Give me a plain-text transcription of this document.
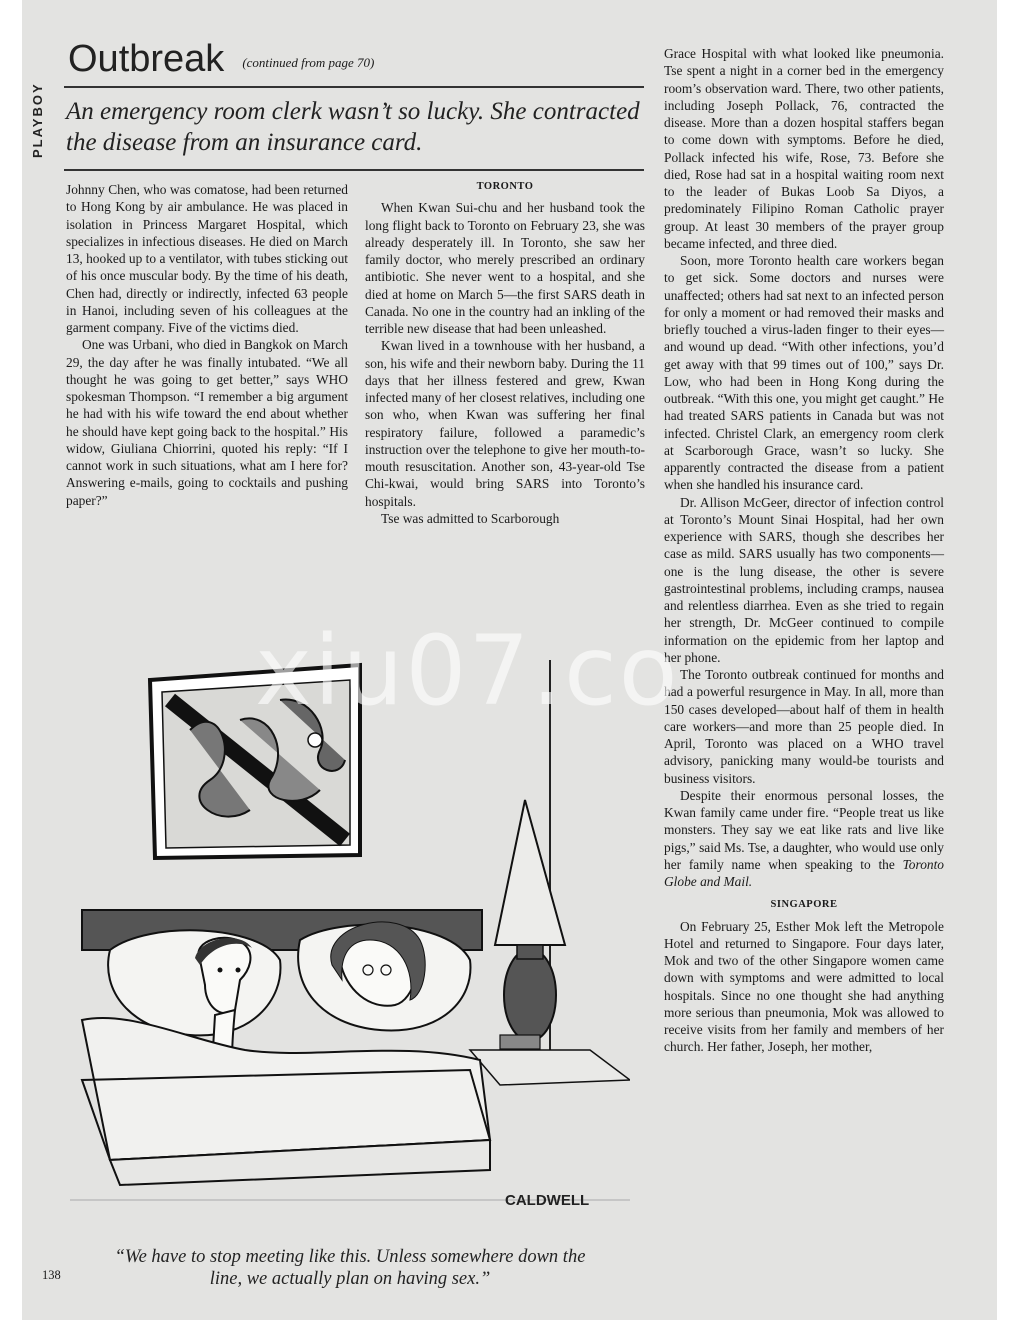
PLAYBOY
Outbreak (continued from page 70)
An emergency room clerk wasn’t so lucky. She contracted the disease from an insurance card.

Johnny Chen, who was comatose, had been returned to Hong Kong by air ambulance. He was placed in isolation in Princess Margaret Hospital, which specializes in infectious diseases. He died on March 13, hooked up to a ventilator, with tubes sticking out of his once muscular body. By the time of his death, Chen had, directly or indirectly, infected 63 people in Hanoi, including seven of his colleagues at the garment company. Five of the victims died.

One was Urbani, who died in Bangkok on March 29, the day after he was finally intubated. “We all thought he was going to get better,” says WHO spokesman Thompson. “I remember a big argument he had with his wife toward the end about whether he should have kept going back to the hospital.” His widow, Giuliana Chiorrini, quoted his reply: “If I cannot work in such situations, what am I here for? Answering e-mails, going to cocktails and pushing paper?”

TORONTO

When Kwan Sui-chu and her husband took the long flight back to Toronto on February 23, she was already desperately ill. In Toronto, she saw her family doctor, who merely prescribed an ordinary antibiotic. She never went to a hospital, and she died at home on March 5—the first SARS death in Canada. No one in the country had an inkling of the terrible new disease that had been unleashed.

Kwan lived in a townhouse with her husband, a son, his wife and their newborn baby. During the 11 days that her illness festered and grew, Kwan infected many of her closest relatives, including one son who, when Kwan was suffering her final respiratory failure, followed a paramedic’s instruction over the telephone to give her mouth-to-mouth resuscitation. Another son, 43-year-old Tse Chi-kwai, would bring SARS into Toronto’s hospitals.

Tse was admitted to Scarborough

Grace Hospital with what looked like pneumonia. Tse spent a night in a corner bed in the emergency room’s observation ward. There, two other patients, including Joseph Pollack, 76, contracted the disease. More than a dozen hospital staffers began to come down with symptoms. Before he died, Pollack infected his wife, Rose, 73. Before she died, Rose had sat in a hospital waiting room next to the leader of Bukas Loob Sa Diyos, a predominately Filipino Roman Catholic prayer group. At least 30 members of the prayer group became infected, and three died.

Soon, more Toronto health care workers began to get sick. Some doctors and nurses were unaffected; others had sat next to an infected person for only a moment or had removed their masks and briefly touched a virus-laden finger to their eyes—and wound up dead. “With other infections, you’d get away with that 99 times out of 100,” says Dr. Low, who had been in Hong Kong during the outbreak. “With this one, you might get caught.” He had treated SARS patients in Canada but was not infected. Christel Clark, an emergency room clerk at Scarborough Grace, wasn’t so lucky. She apparently contracted the disease from a patient when she handled his insurance card.

Dr. Allison McGeer, director of infection control at Toronto’s Mount Sinai Hospital, had her own experience with SARS, though she describes her case as mild. SARS usually has two components—one is the lung disease, the other is severe gastrointestinal problems, including cramps, nausea and relentless diarrhea. Even as she tried to regain her strength, Dr. McGeer continued to compile information on the epidemic from her laptop and her phone.

The Toronto outbreak continued for months and had a powerful resurgence in May. In all, more than 150 cases developed—about half of them in health care workers—and more than 25 people died. In April, Toronto was placed on a WHO travel advisory, panicking many would-be tourists and business visitors.

Despite their enormous personal losses, the Kwan family came under fire. “People treat us like monsters. They say we eat like rats and live like pigs,” said Ms. Tse, a daughter, who would use only her family name when speaking to the Toronto Globe and Mail.

SINGAPORE

On February 25, Esther Mok left the Metropole Hotel and returned to Singapore. Four days later, Mok and two of the other Singapore women came down with symptoms and were admitted to local hospitals. Since no one thought she had anything more serious than pneumonia, Mok was allowed to receive visits from her family and members of her church. Her father, Joseph, her mother,

CALDWELL
“We have to stop meeting like this. Unless somewhere down the line, we actually plan on having sex.”
138
xiu07.co
